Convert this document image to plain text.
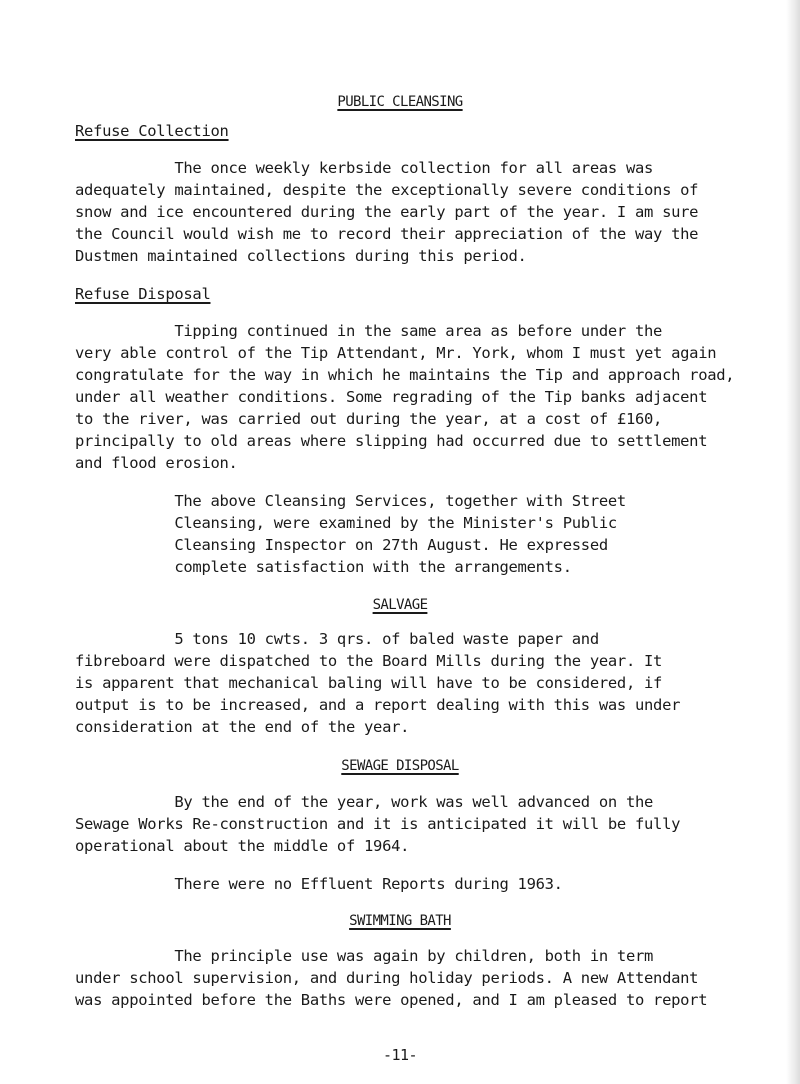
PUBLIC CLEANSING
Refuse Collection
The once weekly kerbside collection for all areas was
adequately maintained, despite the exceptionally severe conditions of
snow and ice encountered during the early part of the year. I am sure
the Council would wish me to record their appreciation of the way the
Dustmen maintained collections during this period.
Refuse Disposal
Tipping continued in the same area as before under the
very able control of the Tip Attendant, Mr. York, whom I must yet again
congratulate for the way in which he maintains the Tip and approach road,
under all weather conditions. Some regrading of the Tip banks adjacent
to the river, was carried out during the year, at a cost of £160,
principally to old areas where slipping had occurred due to settlement
and flood erosion.
The above Cleansing Services, together with Street
Cleansing, were examined by the Minister's Public
Cleansing Inspector on 27th August. He expressed
complete satisfaction with the arrangements.
SALVAGE
5 tons 10 cwts. 3 qrs. of baled waste paper and
fibreboard were dispatched to the Board Mills during the year. It
is apparent that mechanical baling will have to be considered, if
output is to be increased, and a report dealing with this was under
consideration at the end of the year.
SEWAGE DISPOSAL
By the end of the year, work was well advanced on the
Sewage Works Re-construction and it is anticipated it will be fully
operational about the middle of 1964.
There were no Effluent Reports during 1963.
SWIMMING BATH
The principle use was again by children, both in term
under school supervision, and during holiday periods. A new Attendant
was appointed before the Baths were opened, and I am pleased to report
-11-
